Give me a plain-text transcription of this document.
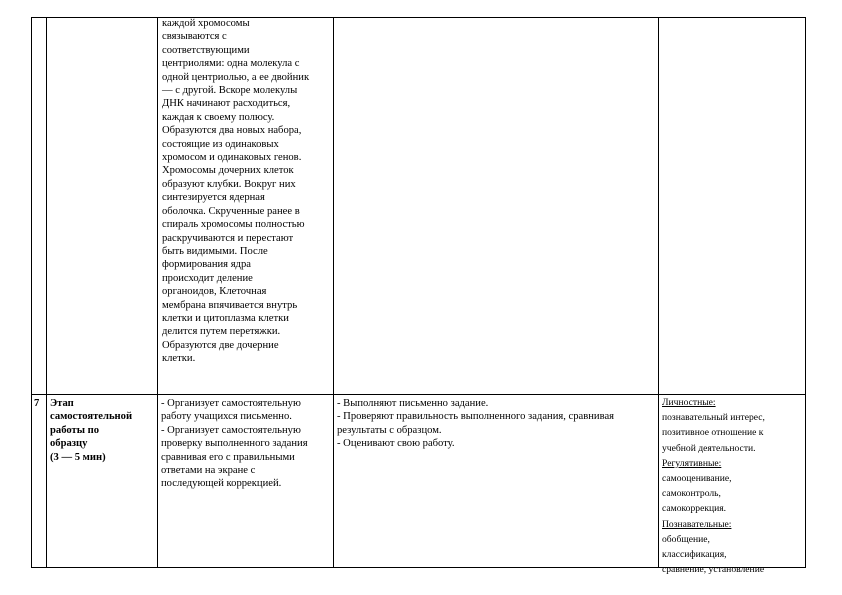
каждой хромосомы
связываются с
соответствующими
центриолями: одна молекула с
одной центриолью, а ее двойник
— с другой. Вскоре молекулы
ДНК начинают расходиться,
каждая к своему полюсу.
Образуются два новых набора,
состоящие из одинаковых
хромосом и одинаковых генов.
Хромосомы дочерних клеток
образуют клубки. Вокруг них
синтезируется ядерная
оболочка. Скрученные ранее в
спираль хромосомы полностью
раскручиваются и перестают
быть видимыми. После
формирования ядра
происходит деление
органоидов, Клеточная
мембрана впячивается внутрь
клетки и цитоплазма клетки
делится путем перетяжки.
Образуются две дочерние
клетки.
7	Этап
самостоятельной
работы по
образцу
(3 — 5 мин)
- Организует самостоятельную
работу учащихся письменно.
- Организует самостоятельную
проверку выполненного задания
сравнивая его с правильными
ответами на экране с
последующей коррекцией.
- Выполняют письменно задание.
- Проверяют правильность выполненного задания, сравнивая
результаты с образцом.
- Оценивают свою работу.
Личностные:
познавательный интерес,
позитивное отношение к
учебной деятельности.
Регулятивные:
самооценивание,
самоконтроль,
самокоррекция.
Познавательные:
обобщение,
классификация,
сравнение, установление
